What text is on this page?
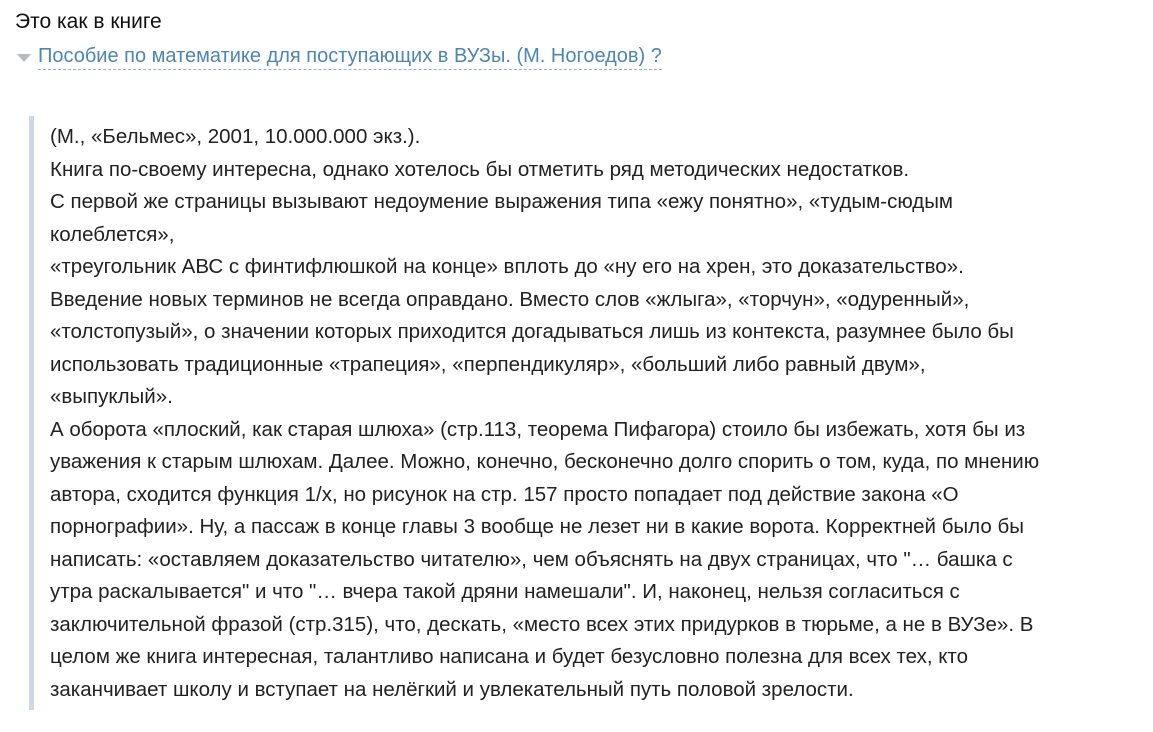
Это как в книге
Пособие по математике для поступающих в ВУЗы. (М. Ногоедов) ?
(М., «Бельмес», 2001, 10.000.000 экз.).
Книга по-своему интересна, однако хотелось бы отметить ряд методических недостатков.
С первой же страницы вызывают недоумение выражения типа «ежу понятно», «тудым-сюдым
колеблется»,
«треугольник АВС с финтифлюшкой на конце» вплоть до «ну его на хрен, это доказательство».
Введение новых терминов не всегда оправдано. Вместо слов «жлыга», «торчун», «одуренный»,
«толстопузый», о значении которых приходится догадываться лишь из контекста, разумнее было бы
использовать традиционные «трапеция», «перпендикуляр», «больший либо равный двум»,
«выпуклый».
А оборота «плоский, как старая шлюха» (стр.113, теорема Пифагора) стоило бы избежать, хотя бы из
уважения к старым шлюхам. Далее. Можно, конечно, бесконечно долго спорить о том, куда, по мнению
автора, сходится функция 1/x, но рисунок на стр. 157 просто попадает под действие закона «О
порнографии». Ну, а пассаж в конце главы 3 вообще не лезет ни в какие ворота. Корректней было бы
написать: «оставляем доказательство читателю», чем объяснять на двух страницах, что "… башка с
утра раскалывается" и что "… вчера такой дряни намешали". И, наконец, нельзя согласиться с
заключительной фразой (стр.315), что, дескать, «место всех этих придурков в тюрьме, а не в ВУЗе». В
целом же книга интересная, талантливо написана и будет безусловно полезна для всех тех, кто
заканчивает школу и вступает на нелёгкий и увлекательный путь половой зрелости.
